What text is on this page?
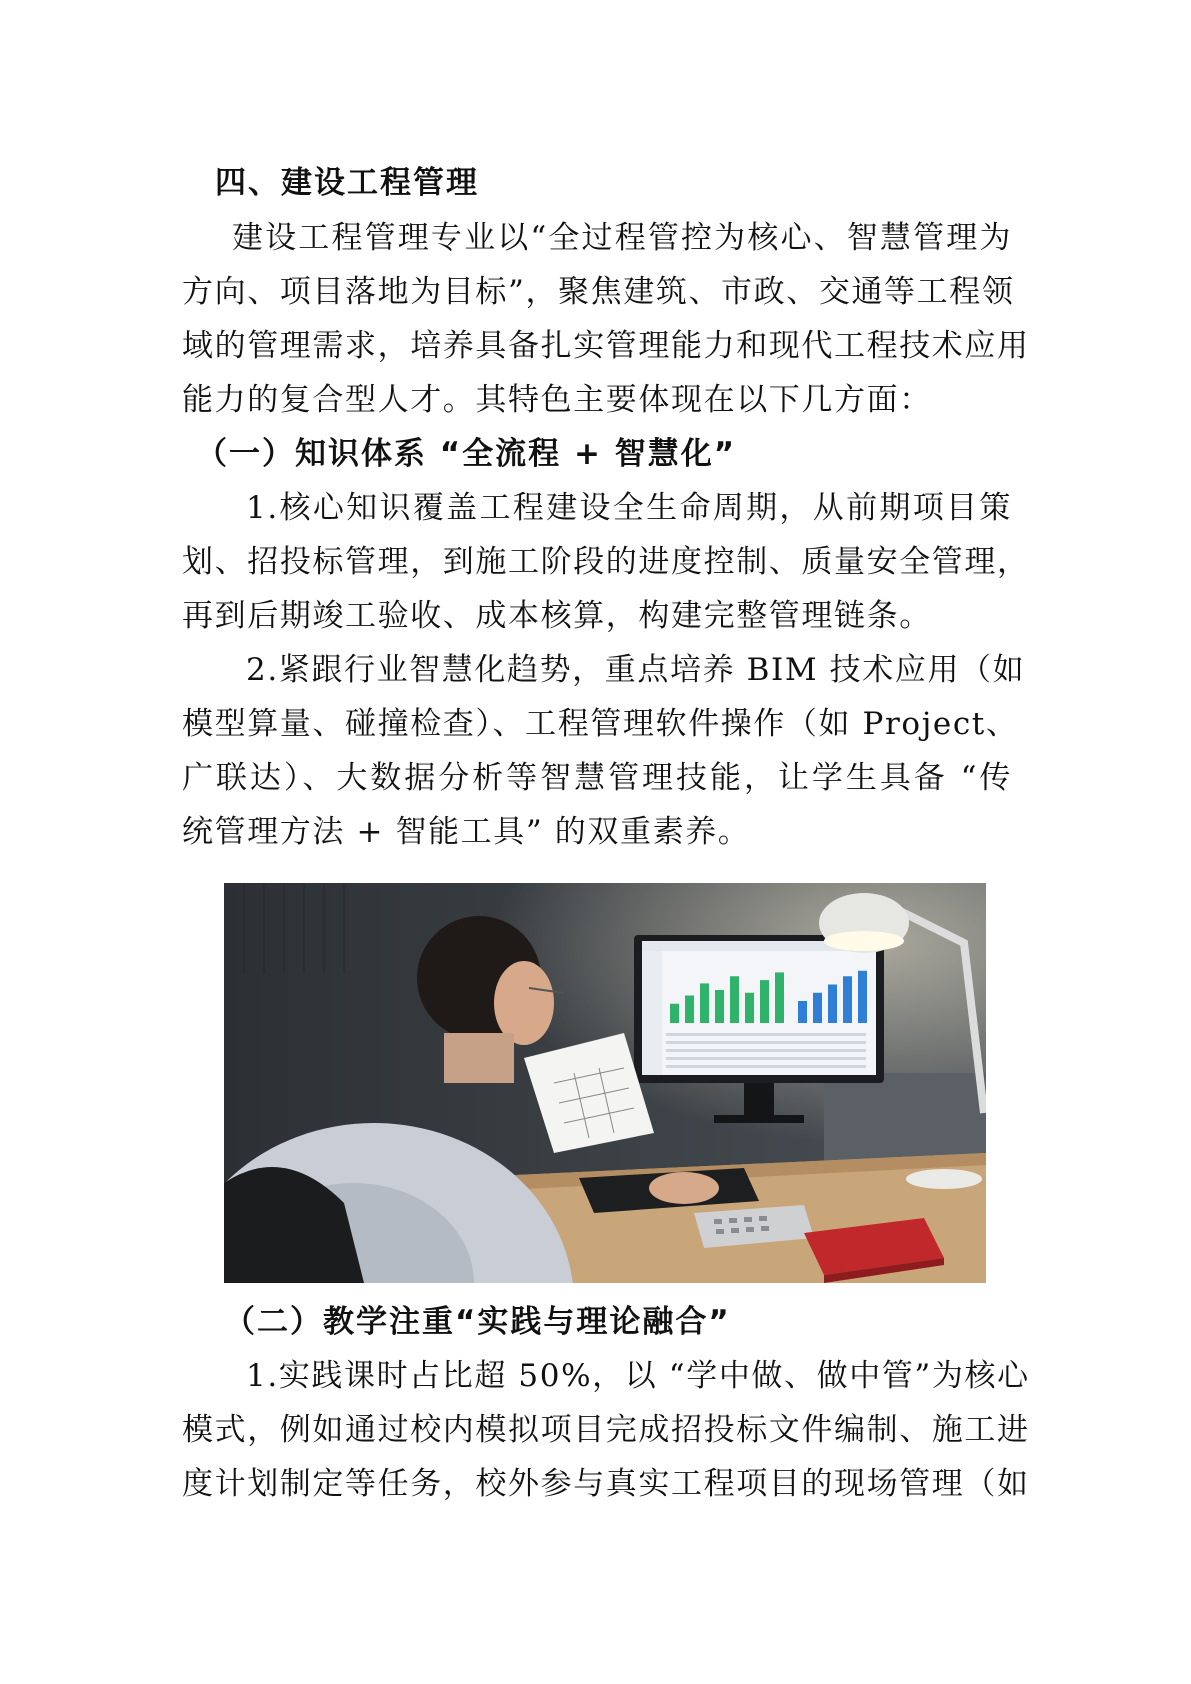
四、建设工程管理
建设工程管理专业以“全过程管控为核心、智慧管理为
方向、项目落地为目标”，聚焦建筑、市政、交通等工程领
域的管理需求，培养具备扎实管理能力和现代工程技术应用
能力的复合型人才。其特色主要体现在以下几方面：
（一）知识体系 “全流程 + 智慧化”
1.核心知识覆盖工程建设全生命周期，从前期项目策
划、招投标管理，到施工阶段的进度控制、质量安全管理，
再到后期竣工验收、成本核算，构建完整管理链条。
2.紧跟行业智慧化趋势，重点培养 BIM 技术应用（如
模型算量、碰撞检查）、工程管理软件操作（如 Project、
广联达）、大数据分析等智慧管理技能，让学生具备 “传
统管理方法 + 智能工具” 的双重素养。
（二）教学注重“实践与理论融合”
1.实践课时占比超 50%，以 “学中做、做中管”为核心
模式，例如通过校内模拟项目完成招投标文件编制、施工进
度计划制定等任务，校外参与真实工程项目的现场管理（如
